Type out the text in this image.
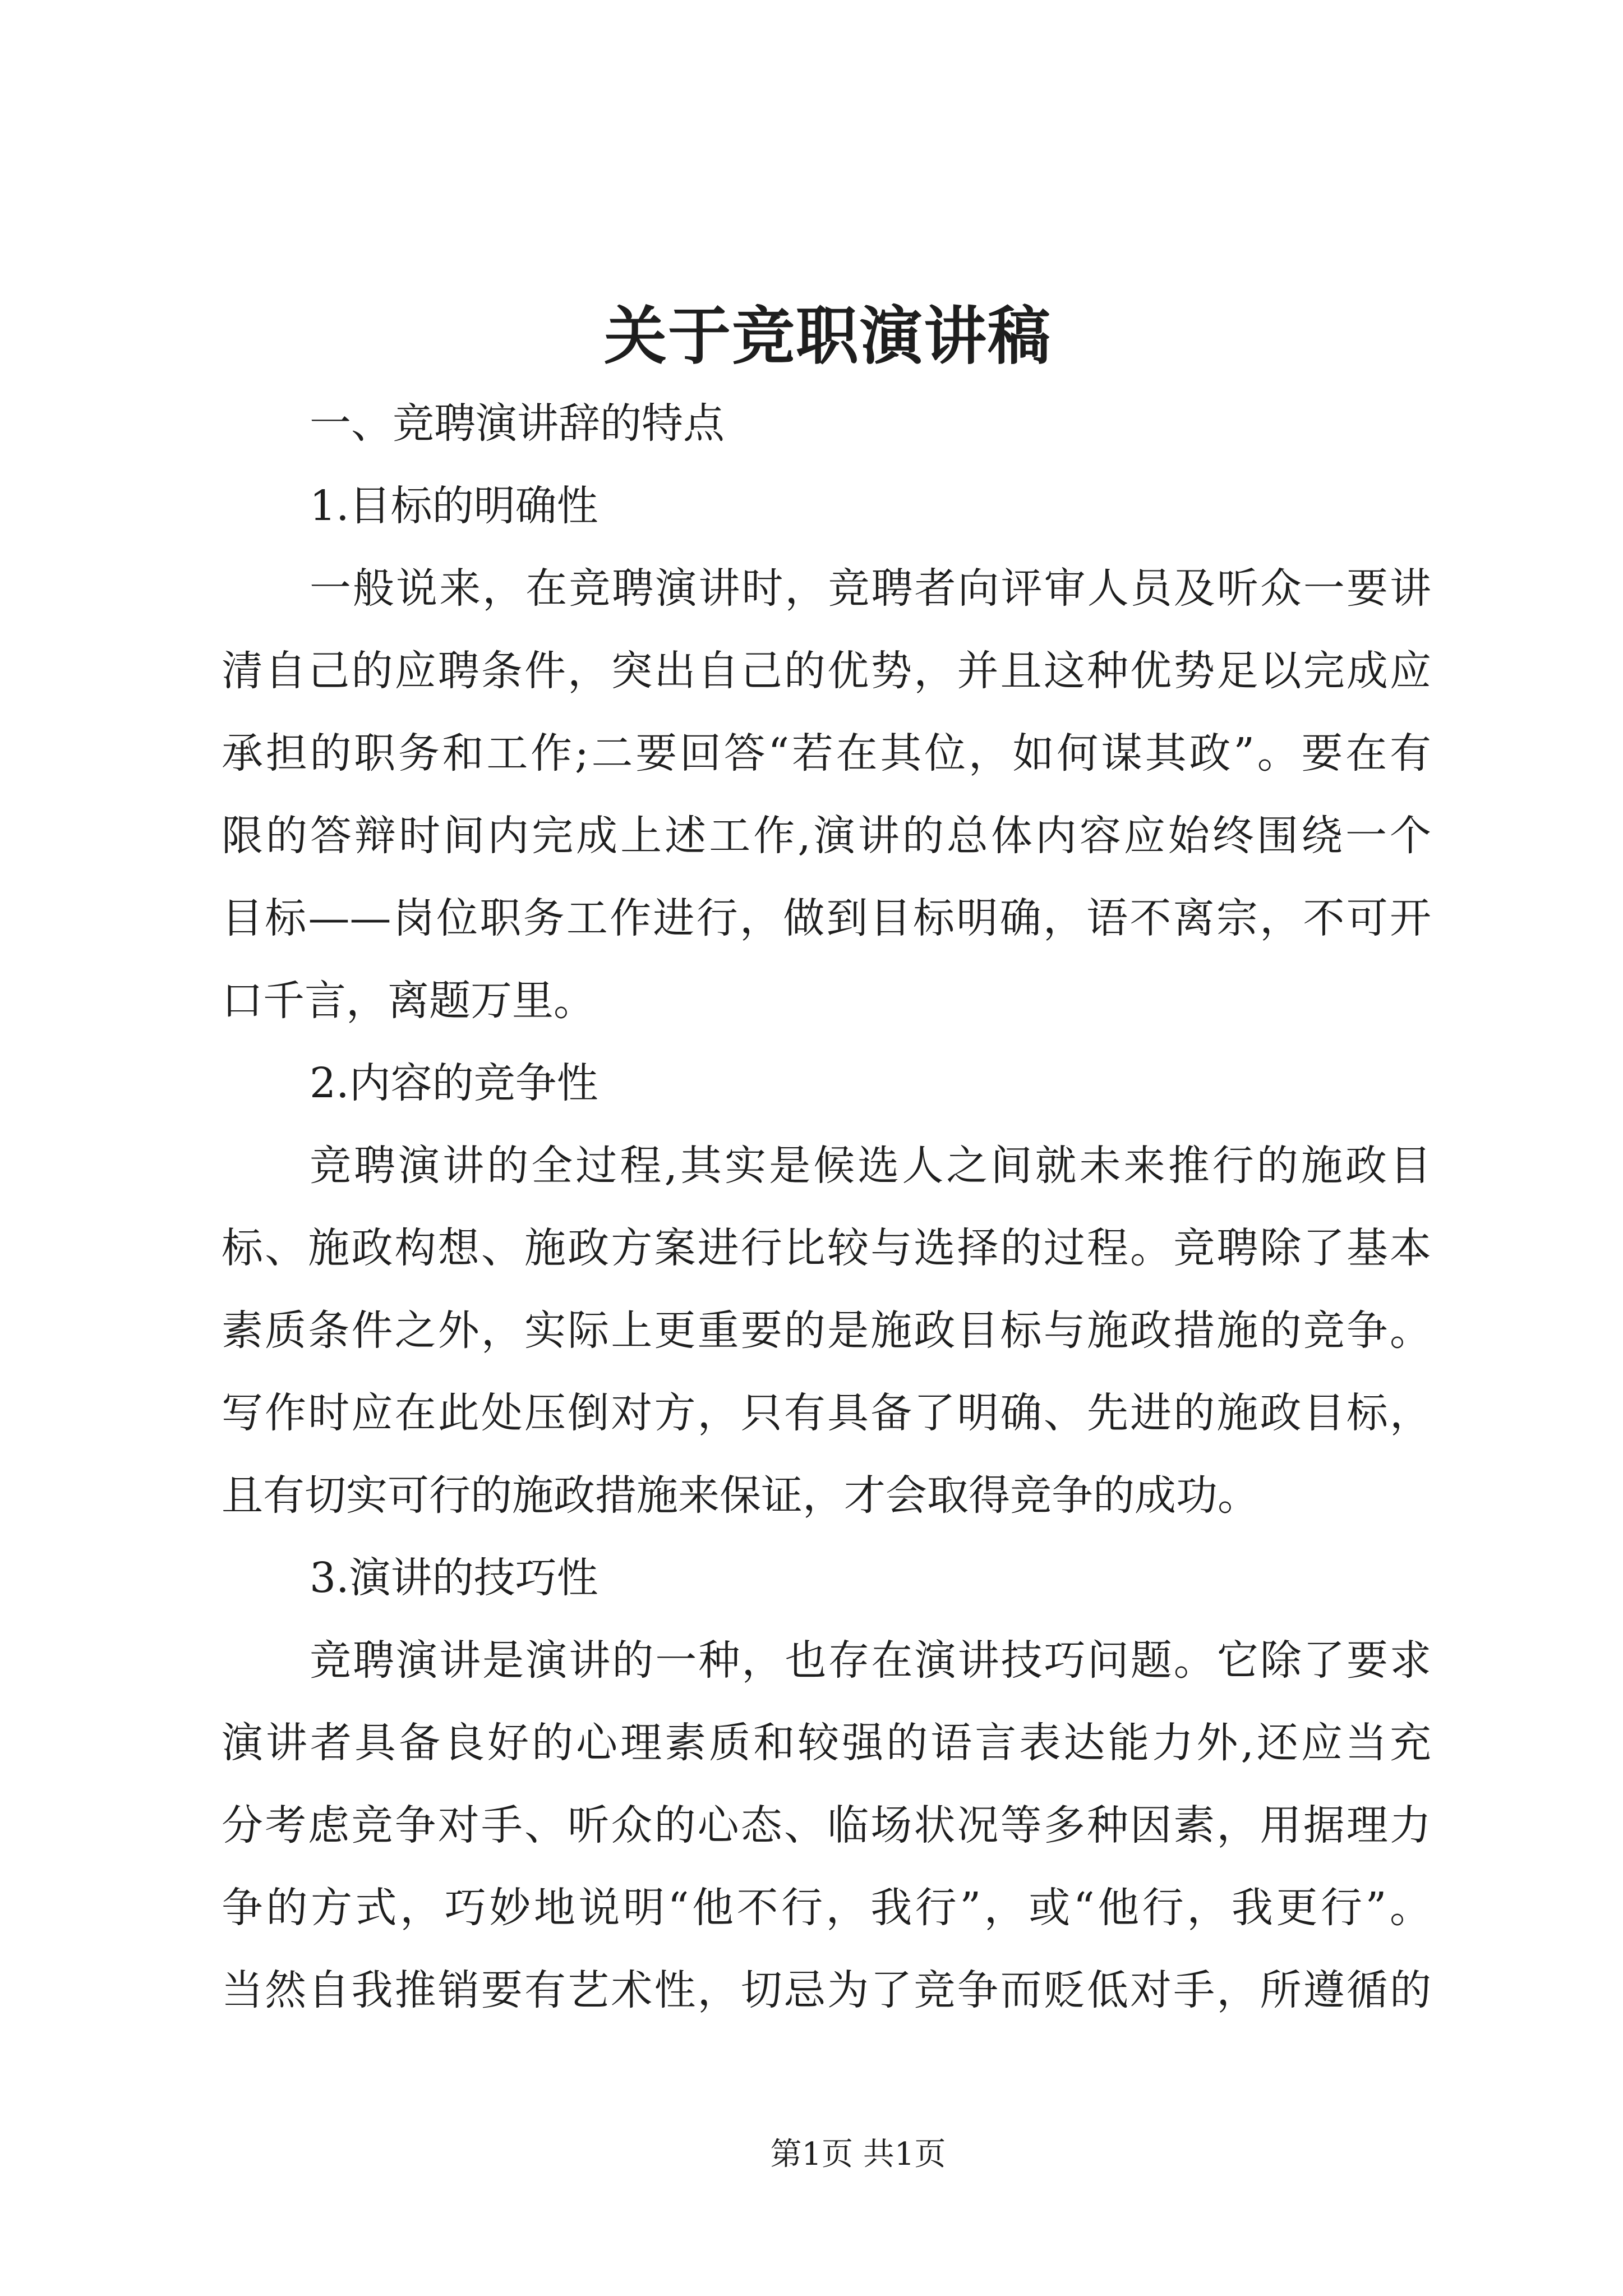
关于竞职演讲稿
一、竞聘演讲辞的特点
1.目标的明确性
一般说来，在竞聘演讲时，竞聘者向评审人员及听众一要讲
清自己的应聘条件，突出自己的优势，并且这种优势足以完成应
承担的职务和工作;二要回答“若在其位，如何谋其政”。要在有
限的答辩时间内完成上述工作,演讲的总体内容应始终围绕一个
目标——岗位职务工作进行，做到目标明确，语不离宗，不可开
口千言，离题万里。
2.内容的竞争性
竞聘演讲的全过程,其实是候选人之间就未来推行的施政目
标、施政构想、施政方案进行比较与选择的过程。竞聘除了基本
素质条件之外，实际上更重要的是施政目标与施政措施的竞争。
写作时应在此处压倒对方，只有具备了明确、先进的施政目标，
且有切实可行的施政措施来保证，才会取得竞争的成功。
3.演讲的技巧性
竞聘演讲是演讲的一种，也存在演讲技巧问题。它除了要求
演讲者具备良好的心理素质和较强的语言表达能力外,还应当充
分考虑竞争对手、听众的心态、临场状况等多种因素，用据理力
争的方式，巧妙地说明“他不行，我行”，或“他行，我更行”。
当然自我推销要有艺术性，切忌为了竞争而贬低对手，所遵循的
第1页 共1页
